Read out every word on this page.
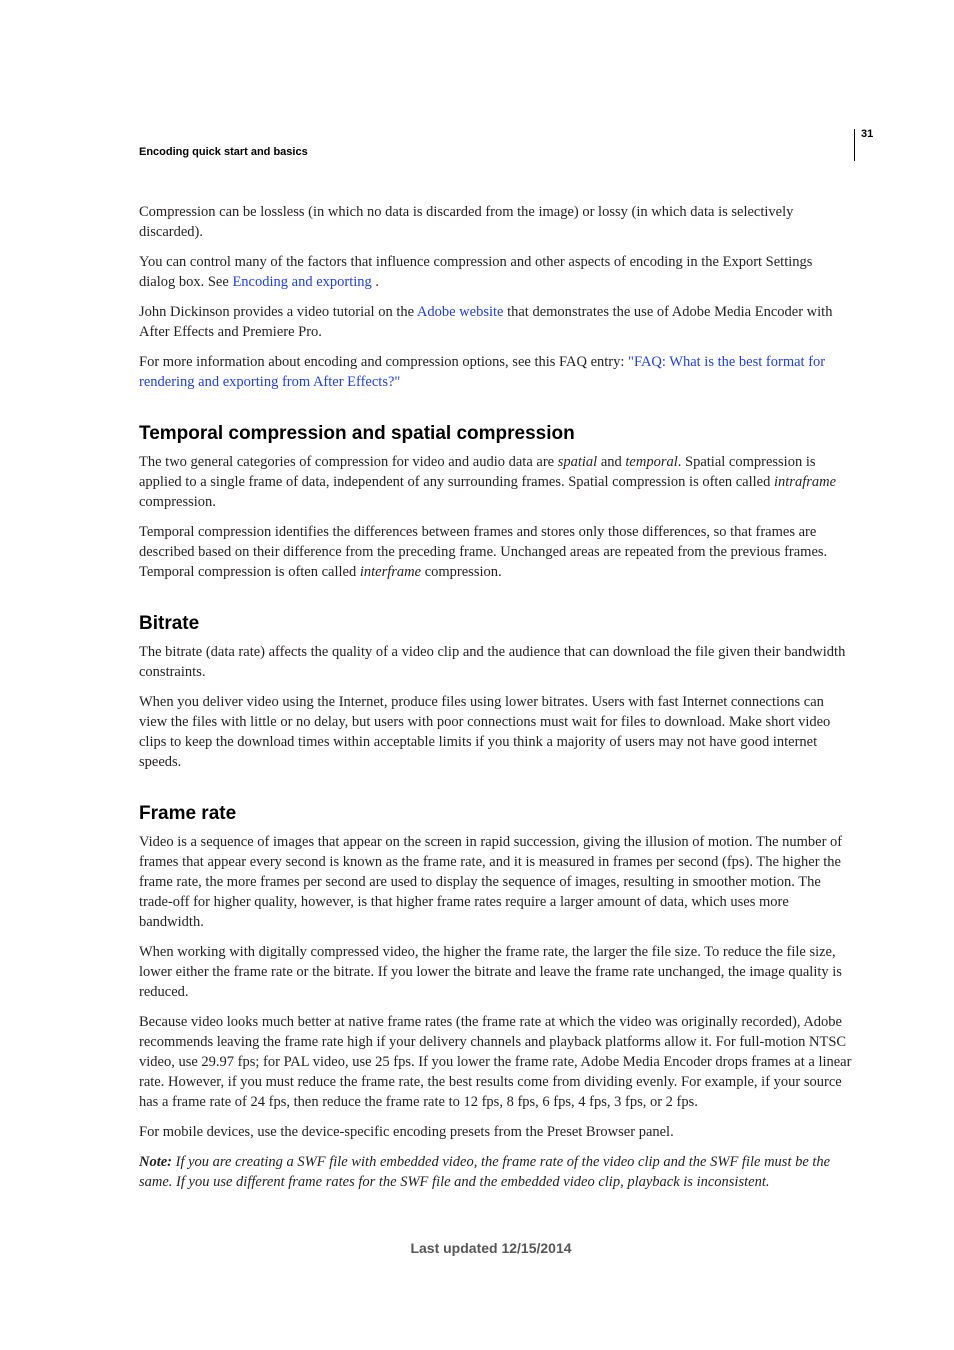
31
Encoding quick start and basics

Compression can be lossless (in which no data is discarded from the image) or lossy (in which data is selectively discarded).

You can control many of the factors that influence compression and other aspects of encoding in the Export Settings dialog box. See Encoding and exporting .

John Dickinson provides a video tutorial on the Adobe website that demonstrates the use of Adobe Media Encoder with After Effects and Premiere Pro.

For more information about encoding and compression options, see this FAQ entry: "FAQ: What is the best format for rendering and exporting from After Effects?"

Temporal compression and spatial compression

The two general categories of compression for video and audio data are spatial and temporal. Spatial compression is applied to a single frame of data, independent of any surrounding frames. Spatial compression is often called intraframe compression.

Temporal compression identifies the differences between frames and stores only those differences, so that frames are described based on their difference from the preceding frame. Unchanged areas are repeated from the previous frames. Temporal compression is often called interframe compression.

Bitrate

The bitrate (data rate) affects the quality of a video clip and the audience that can download the file given their bandwidth constraints.

When you deliver video using the Internet, produce files using lower bitrates. Users with fast Internet connections can view the files with little or no delay, but users with poor connections must wait for files to download. Make short video clips to keep the download times within acceptable limits if you think a majority of users may not have good internet speeds.

Frame rate

Video is a sequence of images that appear on the screen in rapid succession, giving the illusion of motion. The number of frames that appear every second is known as the frame rate, and it is measured in frames per second (fps). The higher the frame rate, the more frames per second are used to display the sequence of images, resulting in smoother motion. The trade-off for higher quality, however, is that higher frame rates require a larger amount of data, which uses more bandwidth.

When working with digitally compressed video, the higher the frame rate, the larger the file size. To reduce the file size, lower either the frame rate or the bitrate. If you lower the bitrate and leave the frame rate unchanged, the image quality is reduced.

Because video looks much better at native frame rates (the frame rate at which the video was originally recorded), Adobe recommends leaving the frame rate high if your delivery channels and playback platforms allow it. For full-motion NTSC video, use 29.97 fps; for PAL video, use 25 fps. If you lower the frame rate, Adobe Media Encoder drops frames at a linear rate. However, if you must reduce the frame rate, the best results come from dividing evenly. For example, if your source has a frame rate of 24 fps, then reduce the frame rate to 12 fps, 8 fps, 6 fps, 4 fps, 3 fps, or 2 fps.

For mobile devices, use the device-specific encoding presets from the Preset Browser panel.

Note: If you are creating a SWF file with embedded video, the frame rate of the video clip and the SWF file must be the same. If you use different frame rates for the SWF file and the embedded video clip, playback is inconsistent.

Last updated 12/15/2014
